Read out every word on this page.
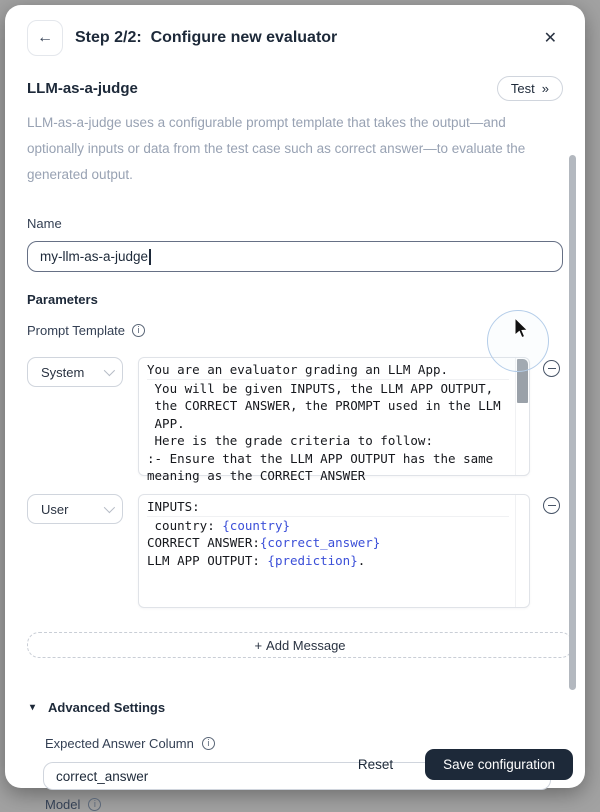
← Step 2/2:  Configure new evaluator	✕
LLM-as-a-judge	Test »
LLM-as-a-judge uses a configurable prompt template that takes the output—and optionally inputs or data from the test case such as correct answer—to evaluate the generated output.
Name
my-llm-as-a-judge
Parameters
Prompt Template	i
System	You are an evaluator grading an LLM App.
You will be given INPUTS, the LLM APP OUTPUT,
the CORRECT ANSWER, the PROMPT used in the LLM
APP.
Here is the grade criteria to follow:
:- Ensure that the LLM APP OUTPUT has the same
meaning as the CORRECT ANSWER
User	INPUTS:
country: {country}
CORRECT ANSWER:{correct_answer}
LLM APP OUTPUT: {prediction}.
+ Add Message
▾ Advanced Settings
Expected Answer Column	i
correct_answer
Model	i
Reset	Save configuration
